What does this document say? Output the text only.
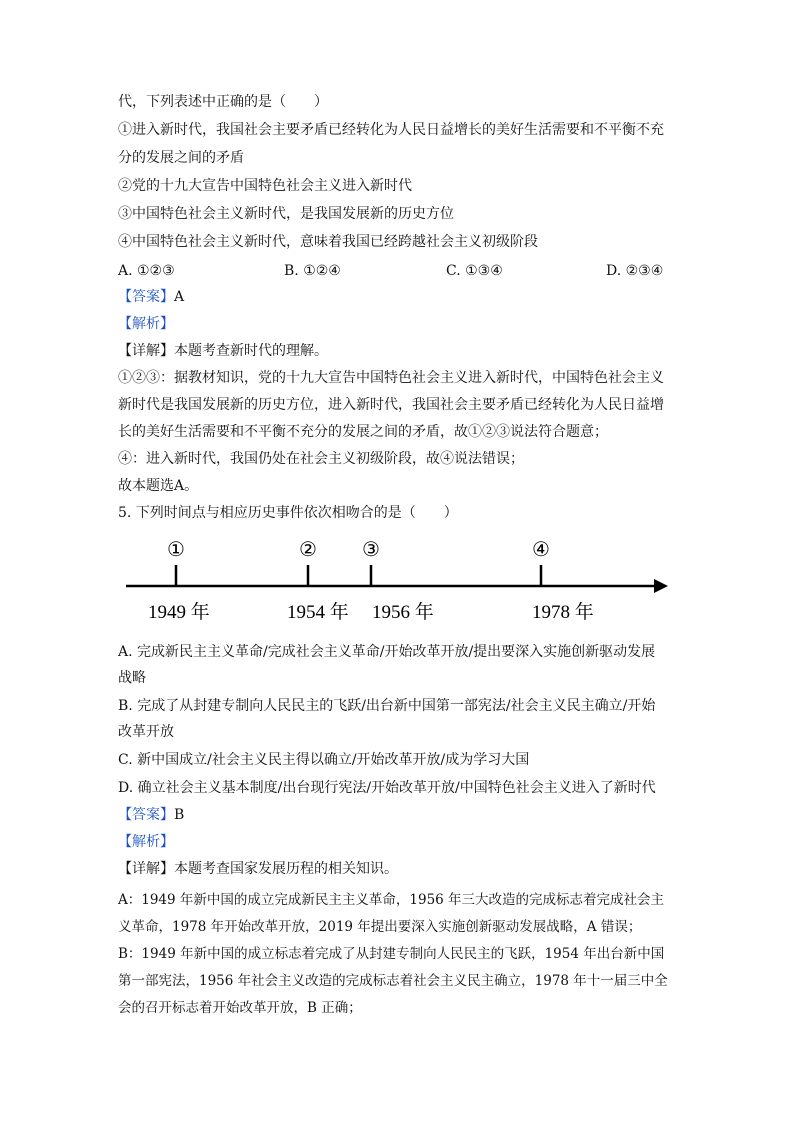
代，下列表述中正确的是（　　）
①进入新时代，我国社会主要矛盾已经转化为人民日益增长的美好生活需要和不平衡不充
分的发展之间的矛盾
②党的十九大宣告中国特色社会主义进入新时代
③中国特色社会主义新时代，是我国发展新的历史方位
④中国特色社会主义新时代，意味着我国已经跨越社会主义初级阶段
A. ①②③	B. ①②④	C. ①③④	D. ②③④
【答案】A
【解析】
【详解】本题考查新时代的理解。
①②③：据教材知识，党的十九大宣告中国特色社会主义进入新时代，中国特色社会主义
新时代是我国发展新的历史方位，进入新时代，我国社会主要矛盾已经转化为人民日益增
长的美好生活需要和不平衡不充分的发展之间的矛盾，故①②③说法符合题意；
④：进入新时代，我国仍处在社会主义初级阶段，故④说法错误；
故本题选A。
5. 下列时间点与相应历史事件依次相吻合的是（　　）
①	② ③	④
1949 年	1954 年 1956 年	1978 年
A. 完成新民主主义革命/完成社会主义革命/开始改革开放/提出要深入实施创新驱动发展
战略
B. 完成了从封建专制向人民民主的飞跃/出台新中国第一部宪法/社会主义民主确立/开始
改革开放
C. 新中国成立/社会主义民主得以确立/开始改革开放/成为学习大国
D. 确立社会主义基本制度/出台现行宪法/开始改革开放/中国特色社会主义进入了新时代
【答案】B
【解析】
【详解】本题考查国家发展历程的相关知识。
A：1949 年新中国的成立完成新民主主义革命，1956 年三大改造的完成标志着完成社会主
义革命，1978 年开始改革开放，2019 年提出要深入实施创新驱动发展战略，A 错误；
B：1949 年新中国的成立标志着完成了从封建专制向人民民主的飞跃，1954 年出台新中国
第一部宪法，1956 年社会主义改造的完成标志着社会主义民主确立，1978 年十一届三中全
会的召开标志着开始改革开放，B 正确；
